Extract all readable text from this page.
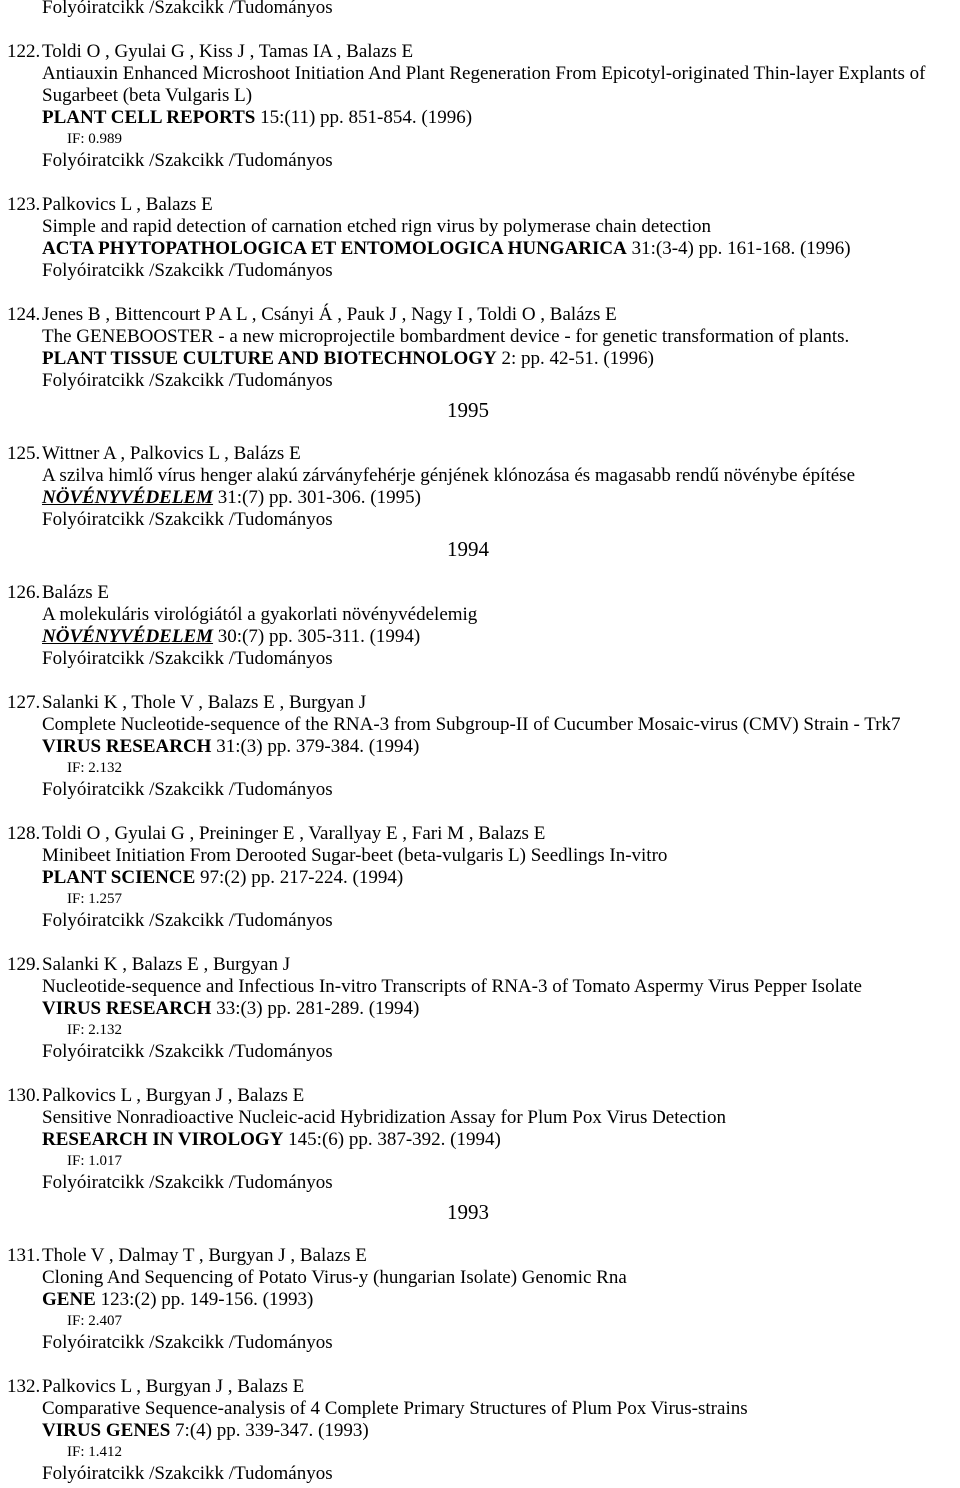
Folyóiratcikk /Szakcikk /Tudományos
122. Toldi O , Gyulai G , Kiss J , Tamas IA , Balazs E
Antiauxin Enhanced Microshoot Initiation And Plant Regeneration From Epicotyl-originated Thin-layer Explants of
Sugarbeet (beta Vulgaris L)
PLANT CELL REPORTS 15:(11) pp. 851-854. (1996)
IF: 0.989
Folyóiratcikk /Szakcikk /Tudományos
123. Palkovics L , Balazs E
Simple and rapid detection of carnation etched rign virus by polymerase chain detection
ACTA PHYTOPATHOLOGICA ET ENTOMOLOGICA HUNGARICA 31:(3-4) pp. 161-168. (1996)
Folyóiratcikk /Szakcikk /Tudományos
124. Jenes B , Bittencourt P A L , Csányi Á , Pauk J , Nagy I , Toldi O , Balázs E
The GENEBOOSTER - a new microprojectile bombardment device - for genetic transformation of plants.
PLANT TISSUE CULTURE AND BIOTECHNOLOGY 2: pp. 42-51. (1996)
Folyóiratcikk /Szakcikk /Tudományos
1995
125. Wittner A , Palkovics L , Balázs E
A szilva himlő vírus henger alakú zárványfehérje génjének klónozása és magasabb rendű növénybe építése
NÖVÉNYVÉDELEM 31:(7) pp. 301-306. (1995)
Folyóiratcikk /Szakcikk /Tudományos
1994
126. Balázs E
A molekuláris virológiától a gyakorlati növényvédelemig
NÖVÉNYVÉDELEM 30:(7) pp. 305-311. (1994)
Folyóiratcikk /Szakcikk /Tudományos
127. Salanki K , Thole V , Balazs E , Burgyan J
Complete Nucleotide-sequence of the RNA-3 from Subgroup-II of Cucumber Mosaic-virus (CMV) Strain - Trk7
VIRUS RESEARCH 31:(3) pp. 379-384. (1994)
IF: 2.132
Folyóiratcikk /Szakcikk /Tudományos
128. Toldi O , Gyulai G , Preininger E , Varallyay E , Fari M , Balazs E
Minibeet Initiation From Derooted Sugar-beet (beta-vulgaris L) Seedlings In-vitro
PLANT SCIENCE 97:(2) pp. 217-224. (1994)
IF: 1.257
Folyóiratcikk /Szakcikk /Tudományos
129. Salanki K , Balazs E , Burgyan J
Nucleotide-sequence and Infectious In-vitro Transcripts of RNA-3 of Tomato Aspermy Virus Pepper Isolate
VIRUS RESEARCH 33:(3) pp. 281-289. (1994)
IF: 2.132
Folyóiratcikk /Szakcikk /Tudományos
130. Palkovics L , Burgyan J , Balazs E
Sensitive Nonradioactive Nucleic-acid Hybridization Assay for Plum Pox Virus Detection
RESEARCH IN VIROLOGY 145:(6) pp. 387-392. (1994)
IF: 1.017
Folyóiratcikk /Szakcikk /Tudományos
1993
131. Thole V , Dalmay T , Burgyan J , Balazs E
Cloning And Sequencing of Potato Virus-y (hungarian Isolate) Genomic Rna
GENE 123:(2) pp. 149-156. (1993)
IF: 2.407
Folyóiratcikk /Szakcikk /Tudományos
132. Palkovics L , Burgyan J , Balazs E
Comparative Sequence-analysis of 4 Complete Primary Structures of Plum Pox Virus-strains
VIRUS GENES 7:(4) pp. 339-347. (1993)
IF: 1.412
Folyóiratcikk /Szakcikk /Tudományos
